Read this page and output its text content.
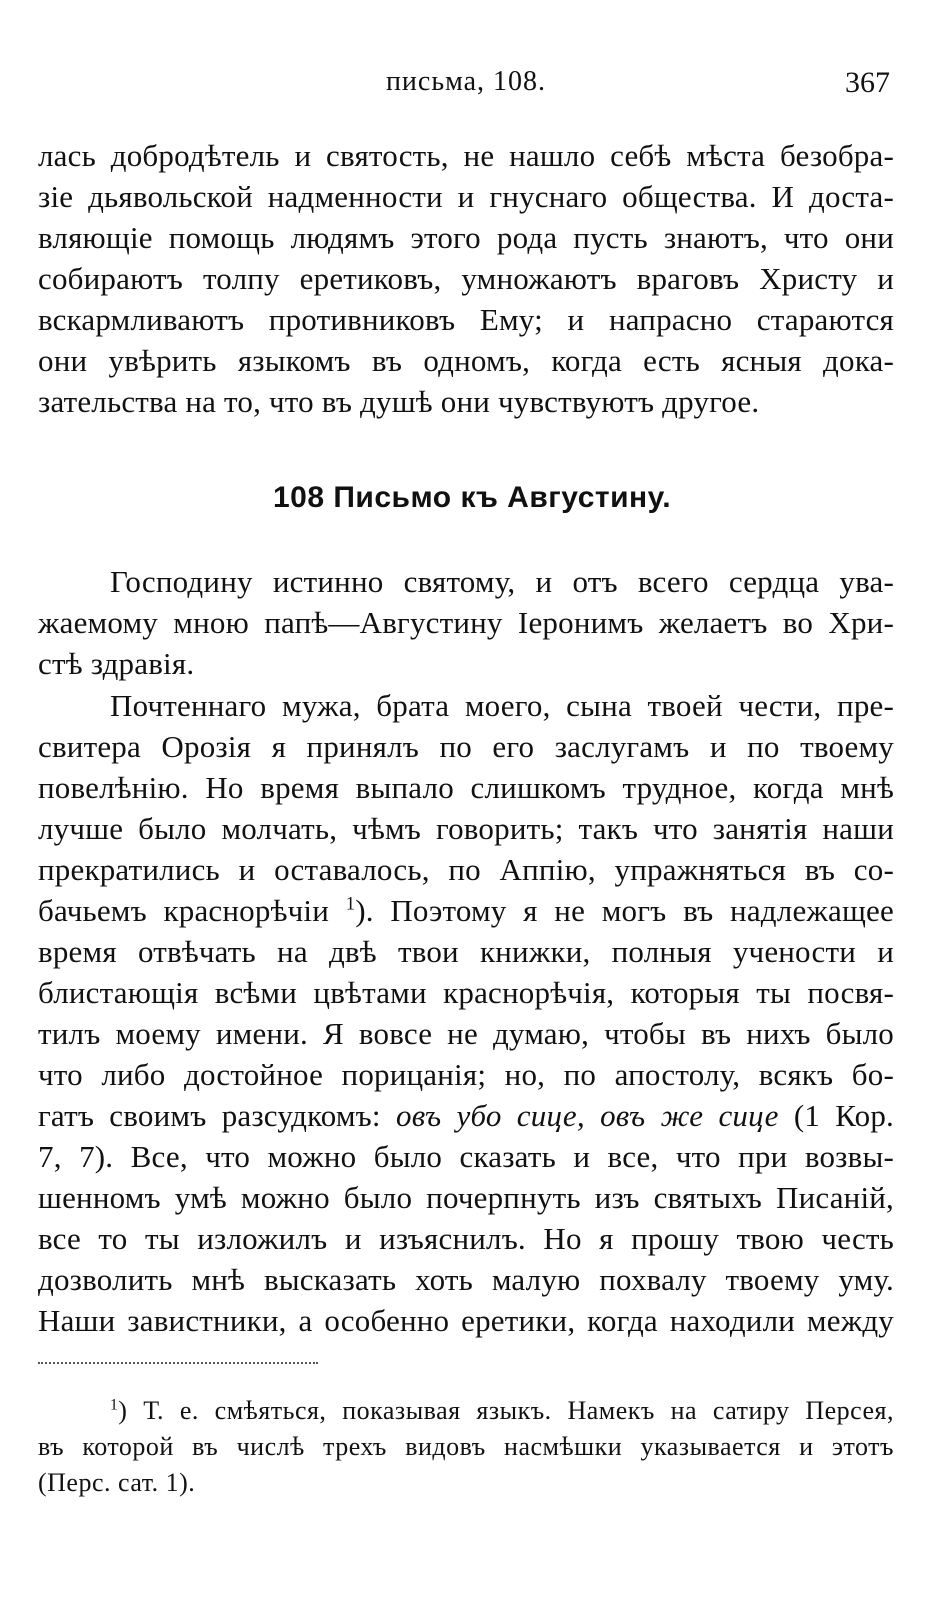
письма, 108.	367
лась добродѣтель и святость, не нашло себѣ мѣста безобра-
зіе дьявольской надменности и гнуснаго общества. И доста-
вляющіе помощь людямъ этого рода пусть знаютъ, что они
собираютъ толпу еретиковъ, умножаютъ враговъ Христу и
вскармливаютъ противниковъ Ему; и напрасно стараются
они увѣрить языкомъ въ одномъ, когда есть ясныя дока-
зательства на то, что въ душѣ они чувствуютъ другое.
108 Письмо къ Августину.
Господину истинно святому, и отъ всего сердца ува-
жаемому мною папѣ—Августину Іеронимъ желаетъ во Хри-
стѣ здравія.
Почтеннаго мужа, брата моего, сына твоей чести, пре-
свитера Орозія я принялъ по его заслугамъ и по твоему
повелѣнію. Но время выпало слишкомъ трудное, когда мнѣ
лучше было молчать, чѣмъ говорить; такъ что занятія наши
прекратились и оставалось, по Аппію, упражняться въ со-
бачьемъ краснорѣчіи $^1$). Поэтому я не могъ въ надлежащее
время отвѣчать на двѣ твои книжки, полныя учености и
блистающія всѣми цвѣтами краснорѣчія, которыя ты посвя-
тилъ моему имени. Я вовсе не думаю, чтобы въ нихъ было
что либо достойное порицанія; но, по апостолу, всякъ бо-
гатъ своимъ разсудкомъ: овъ убо сице, овъ же сице (1 Кор.
7, 7). Все, что можно было сказать и все, что при возвы-
шенномъ умѣ можно было почерпнуть изъ святыхъ Писаній,
все то ты изложилъ и изъяснилъ. Но я прошу твою честь
дозволить мнѣ высказать хоть малую похвалу твоему уму.
Наши завистники, а особенно еретики, когда находили между
$^1$) Т. е. смѣяться, показывая языкъ. Намекъ на сатиру Персея,
въ которой въ числѣ трехъ видовъ насмѣшки указывается и этотъ
(Перс. сат. 1).
